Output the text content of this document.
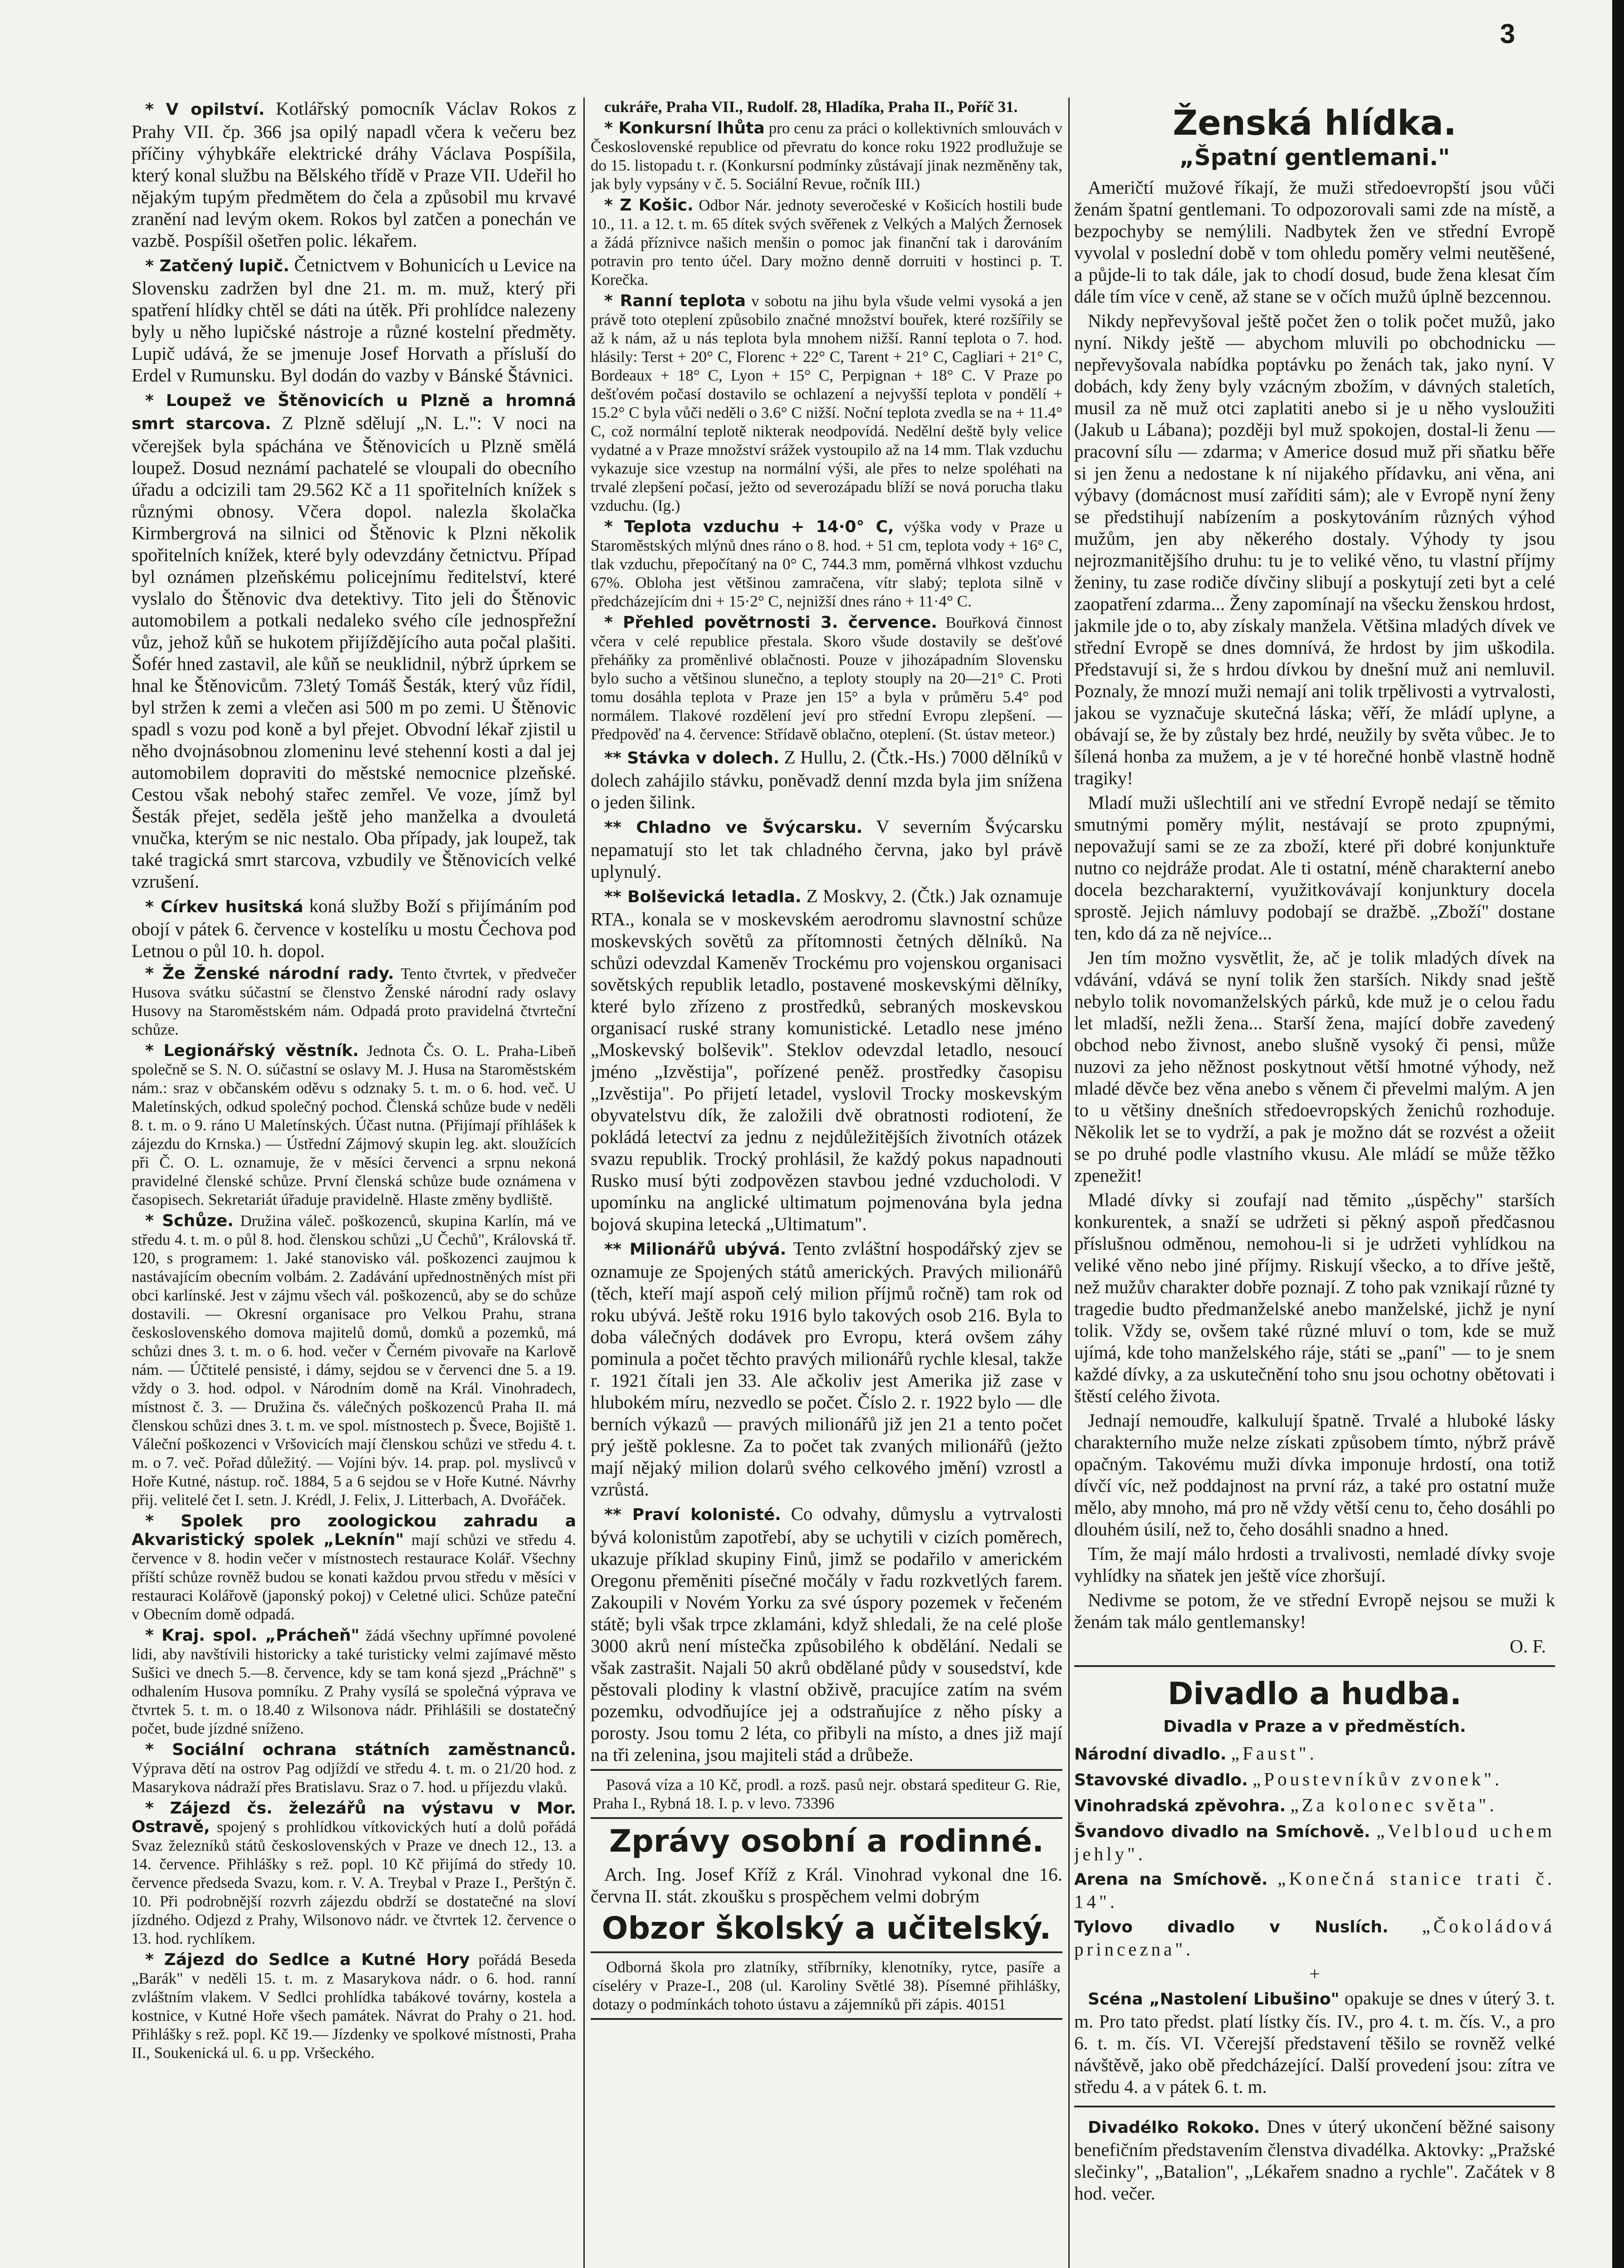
3

* V opilství. Kotlářský pomocník Václav Rokos z Prahy VII. čp. 366 jsa opilý napadl včera k večeru bez příčiny výhybkáře elektrické dráhy Václava Pospíšila, který konal službu na Bělského třídě v Praze VII. Udeřil ho nějakým tupým předmětem do čela a způsobil mu krvavé zranění nad levým okem. Rokos byl zatčen a ponechán ve vazbě. Pospíšil ošetřen polic. lékařem.

* Zatčený lupič. Četnictvem v Bohunicích u Levice na Slovensku zadržen byl dne 21. m. m. muž, který při spatření hlídky chtěl se dáti na útěk. Při prohlídce nalezeny byly u něho lupičské nástroje a různé kostelní předměty. Lupič udává, že se jmenuje Josef Horvath a přísluší do Erdel v Rumunsku. Byl dodán do vazby v Bánské Štávnici.

* Loupež ve Štěnovicích u Plzně a hromná smrt starcova. Z Plzně sdělují „N. L.": V noci na včerejšek byla spáchána ve Štěnovicích u Plzně smělá loupež. Dosud neznámí pachatelé se vloupali do obecního úřadu a odcizili tam 29.562 Kč a 11 spořitelních knížek s různými obnosy. Včera dopol. nalezla školačka Kirmbergrová na silnici od Štěnovic k Plzni několik spořitelních knížek, které byly odevzdány četnictvu. Případ byl oznámen plzeňskému policejnímu ředitelství, které vyslalo do Štěnovic dva detektivy. Tito jeli do Štěnovic automobilem a potkali nedaleko svého cíle jednospřežní vůz, jehož kůň se hukotem přijíždějícího auta počal plašiti. Šofér hned zastavil, ale kůň se neuklidnil, nýbrž úprkem se hnal ke Štěnovicům. 73letý Tomáš Šesták, který vůz řídil, byl stržen k zemi a vlečen asi 500 m po zemi. U Štěnovic spadl s vozu pod koně a byl přejet. Obvodní lékař zjistil u něho dvojnásobnou zlomeninu levé stehenní kosti a dal jej automobilem dopraviti do městské nemocnice plzeňské. Cestou však nebohý stařec zemřel. Ve voze, jímž byl Šesták přejet, seděla ještě jeho manželka a dvouletá vnučka, kterým se nic nestalo. Oba případy, jak loupež, tak také tragická smrt starcova, vzbudily ve Štěnovicích velké vzrušení.

* Církev husitská koná služby Boží s přijímáním pod obojí v pátek 6. července v kostelíku u mostu Čechova pod Letnou o půl 10. h. dopol.

* Že Ženské národní rady. Tento čtvrtek, v předvečer Husova svátku súčastní se členstvo Ženské národní rady oslavy Husovy na Staroměstském nám. Odpadá proto pravidelná čtvrteční schůze.

* Legionářský věstník. Jednota Čs. O. L. Praha-Libeň společně se S. N. O. súčastní se oslavy M. J. Husa na Staroměstském nám.: sraz v občanském oděvu s odznaky 5. t. m. o 6. hod. več. U Maletínských, odkud společný pochod. Členská schůze bude v neděli 8. t. m. o 9. ráno U Maletínských. Účast nutna. (Přijímají příhlášek k zájezdu do Krnska.) — Ústřední Zájmový skupin leg. akt. sloužících při Č. O. L. oznamuje, že v měsíci červenci a srpnu nekoná pravidelné členské schůze. První členská schůze bude oznámena v časopisech. Sekretariát úřaduje pravidelně. Hlaste změny bydliště.

* Schůze. Družina váleč. poškozenců, skupina Karlín, má ve středu 4. t. m. o půl 8. hod. členskou schůzi „U Čechů", Královská tř. 120, s programem: 1. Jaké stanovisko vál. poškozenci zaujmou k nastávajícím obecním volbám. 2. Zadávání upřednostněných míst při obci karlínské. Jest v zájmu všech vál. poškozenců, aby se do schůze dostavili. — Okresní organisace pro Velkou Prahu, strana československého domova majitelů domů, domků a pozemků, má schůzi dnes 3. t. m. o 6. hod. večer v Černém pivovaře na Karlově nám. — Účtitelé pensisté, i dámy, sejdou se v červenci dne 5. a 19. vždy o 3. hod. odpol. v Národním domě na Král. Vinohradech, místnost č. 3. — Družina čs. válečných poškozenců Praha II. má členskou schůzi dnes 3. t. m. ve spol. místnostech p. Švece, Bojiště 1. Váleční poškozenci v Vršovicích mají členskou schůzi ve středu 4. t. m. o 7. več. Pořad důležitý. — Vojíni býv. 14. prap. pol. myslivců v Hoře Kutné, nástup. roč. 1884, 5 a 6 sejdou se v Hoře Kutné. Návrhy přij. velitelé čet I. setn. J. Krédl, J. Felix, J. Litterbach, A. Dvořáček.

* Spolek pro zoologickou zahradu a Akvaristický spolek „Leknín" mají schůzi ve středu 4. července v 8. hodin večer v místnostech restaurace Kolář. Všechny příští schůze rovněž budou se konati každou prvou středu v měsíci v restauraci Kolářově (japonský pokoj) v Celetné ulici. Schůze pateční v Obecním domě odpadá.

* Kraj. spol. „Prácheň" žádá všechny upřímné povolené lidi, aby navštívili historicky a také turisticky velmi zajímavé město Sušici ve dnech 5.—8. července, kdy se tam koná sjezd „Práchně" s odhalením Husova pomníku. Z Prahy vysílá se společná výprava ve čtvrtek 5. t. m. o 18.40 z Wilsonova nádr. Přihlášili se dostatečný počet, bude jízdné sníženo.

* Sociální ochrana státních zaměstnanců. Výprava dětí na ostrov Pag odjíždí ve středu 4. t. m. o 21/20 hod. z Masarykova nádraží přes Bratislavu. Sraz o 7. hod. u příjezdu vlaků.

* Zájezd čs. železářů na výstavu v Mor. Ostravě, spojený s prohlídkou vítkovických hutí a dolů pořádá Svaz železníků států československých v Praze ve dnech 12., 13. a 14. července. Přihlášky s rež. popl. 10 Kč přijímá do středy 10. července předseda Svazu, kom. r. V. A. Treybal v Praze I., Perštýn č. 10. Při podrobnější rozvrh zájezdu obdrží se dostatečné na sloví jízdného. Odjezd z Prahy, Wilsonovo nádr. ve čtvrtek 12. července o 13. hod. rychlíkem.

* Zájezd do Sedlce a Kutné Hory pořádá Beseda „Barák" v neděli 15. t. m. z Masarykova nádr. o 6. hod. ranní zvláštním vlakem. V Sedlci prohlídka tabákové továrny, kostela a kostnice, v Kutné Hoře všech památek. Návrat do Prahy o 21. hod. Přihlášky s rež. popl. Kč 19.— Jízdenky ve spolkové místnosti, Praha II., Soukenická ul. 6. u pp. Vršeckého.

cukráře, Praha VII., Rudolf. 28, Hladíka, Praha II., Poříč 31.

* Konkursní lhůta pro cenu za práci o kollektivních smlouvách v Československé republice od převratu do konce roku 1922 prodlužuje se do 15. listopadu t. r. (Konkursní podmínky zůstávají jinak nezměněny tak, jak byly vypsány v č. 5. Sociální Revue, ročník III.)

* Z Košic. Odbor Nár. jednoty severočeské v Košicích hostili bude 10., 11. a 12. t. m. 65 dítek svých svěřenek z Velkých a Malých Žernosek a žádá příznivce našich menšin o pomoc jak finanční tak i darováním potravin pro tento účel. Dary možno denně dorruiti v hostinci p. T. Korečka.

* Ranní teplota v sobotu na jihu byla všude velmi vysoká a jen právě toto oteplení způsobilo značné množství bouřek, které rozšířily se až k nám, až u nás teplota byla mnohem nižší. Ranní teplota o 7. hod. hlásily: Terst + 20° C, Florenc + 22° C, Tarent + 21° C, Cagliari + 21° C, Bordeaux + 18° C, Lyon + 15° C, Perpignan + 18° C. V Praze po dešťovém počasí dostavilo se ochlazení a nejvyšší teplota v pondělí + 15.2° C byla vůči neděli o 3.6° C nižší. Noční teplota zvedla se na + 11.4° C, což normální teplotě nikterak neodpovídá. Nedělní deště byly velice vydatné a v Praze množství srážek vystoupilo až na 14 mm. Tlak vzduchu vykazuje sice vzestup na normální výši, ale přes to nelze spoléhati na trvalé zlepšení počasí, ježto od severozápadu blíží se nová porucha tlaku vzduchu. (Ig.)

* Teplota vzduchu + 14·0° C, výška vody v Praze u Staroměstských mlýnů dnes ráno o 8. hod. + 51 cm, teplota vody + 16° C, tlak vzduchu, přepočítaný na 0° C, 744.3 mm, poměrná vlhkost vzduchu 67%. Obloha jest většinou zamračena, vítr slabý; teplota silně v předcházejícím dni + 15·2° C, nejnižší dnes ráno + 11·4° C.

* Přehled povětrnosti 3. července. Bouřková činnost včera v celé republice přestala. Skoro všude dostavily se dešťové přeháňky za proměnlivé oblačnosti. Pouze v jihozápadním Slovensku bylo sucho a většinou slunečno, a teploty stouply na 20—21° C. Proti tomu dosáhla teplota v Praze jen 15° a byla v průměru 5.4° pod normálem. Tlakové rozdělení jeví pro střední Evropu zlepšení. — Předpověď na 4. července: Střídavě oblačno, oteplení. (St. ústav meteor.)

** Stávka v dolech. Z Hullu, 2. (Čtk.-Hs.) 7000 dělníků v dolech zahájilo stávku, poněvadž denní mzda byla jim snížena o jeden šilink.

** Chladno ve Švýcarsku. V severním Švýcarsku nepamatují sto let tak chladného června, jako byl právě uplynulý.

** Bolševická letadla. Z Moskvy, 2. (Čtk.) Jak oznamuje RTA., konala se v moskevském aerodromu slavnostní schůze moskevských sovětů za přítomnosti četných dělníků. Na schůzi odevzdal Kameněv Trockému pro vojenskou organisaci sovětských republik letadlo, postavené moskevskými dělníky, které bylo zřízeno z prostředků, sebraných moskevskou organisací ruské strany komunistické. Letadlo nese jméno „Moskevský bolševik". Steklov odevzdal letadlo, nesoucí jméno „Izvěstija", pořízené peněž. prostředky časopisu „Izvěstija". Po přijetí letadel, vyslovil Trocky moskevským obyvatelstvu dík, že založili dvě obratnosti rodiotení, že pokládá letectví za jednu z nejdůležitějších životních otázek svazu republik. Trocký prohlásil, že každý pokus napadnouti Rusko musí býti zodpovězen stavbou jedné vzducholodi. V upomínku na anglické ultimatum pojmenována byla jedna bojová skupina letecká „Ultimatum".

** Milionářů ubývá. Tento zvláštní hospodářský zjev se oznamuje ze Spojených států amerických. Pravých milionářů (těch, kteří mají aspoň celý milion příjmů ročně) tam rok od roku ubývá. Ještě roku 1916 bylo takových osob 216. Byla to doba válečných dodávek pro Evropu, která ovšem záhy pominula a počet těchto pravých milionářů rychle klesal, takže r. 1921 čítali jen 33. Ale ačkoliv jest Amerika již zase v hlubokém míru, nezvedlo se počet. Číslo 2. r. 1922 bylo — dle berních výkazů — pravých milionářů již jen 21 a tento počet prý ještě poklesne. Za to počet tak zvaných milionářů (ježto mají nějaký milion dolarů svého celkového jmění) vzrostl a vzrůstá.

** Praví kolonisté. Co odvahy, důmyslu a vytrvalosti bývá kolonistům zapotřebí, aby se uchytili v cizích poměrech, ukazuje příklad skupiny Finů, jimž se podařilo v americkém Oregonu přeměniti písečné močály v řadu rozkvetlých farem. Zakoupili v Novém Yorku za své úspory pozemek v řečeném státě; byli však trpce zklamáni, když shledali, že na celé ploše 3000 akrů není místečka způsobilého k obdělání. Nedali se však zastrašit. Najali 50 akrů obdělané půdy v sousedství, kde pěstovali plodiny k vlastní obživě, pracujíce zatím na svém pozemku, odvodňujíce jej a odstraňujíce z něho písky a porosty. Jsou tomu 2 léta, co přibyli na místo, a dnes již mají na tři zelenina, jsou majiteli stád a drůbeže.

Pasová víza a 10 Kč, prodl. a rozš. pasů nejr. obstará spediteur G. Rie, Praha I., Rybná 18. I. p. v levo. 73396

Zprávy osobní a rodinné.

Arch. Ing. Josef Kříž z Král. Vinohrad vykonal dne 16. června II. stát. zkoušku s prospěchem velmi dobrým

Obzor školský a učitelský.

Odborná škola pro zlatníky, stříbrníky, klenotníky, rytce, pasíře a císeléry v Praze-I., 208 (ul. Karoliny Světlé 38). Písemné přihlášky, dotazy o podmínkách tohoto ústavu a zájemníků při zápis. 40151

Ženská hlídka.
„Špatní gentlemani."

Američtí mužové říkají, že muži středoevropští jsou vůči ženám špatní gentlemani. To odpozorovali sami zde na místě, a bezpochyby se nemýlili. Nadbytek žen ve střední Evropě vyvolal v poslední době v tom ohledu poměry velmi neutěšené, a půjde-li to tak dále, jak to chodí dosud, bude žena klesat čím dále tím více v ceně, až stane se v očích mužů úplně bezcennou.

Nikdy nepřevyšoval ještě počet žen o tolik počet mužů, jako nyní. Nikdy ještě — abychom mluvili po obchodnicku — nepřevyšovala nabídka poptávku po ženách tak, jako nyní. V dobách, kdy ženy byly vzácným zbožím, v dávných staletích, musil za ně muž otci zaplatiti anebo si je u něho vysloužiti (Jakub u Lábana); později byl muž spokojen, dostal-li ženu — pracovní sílu — zdarma; v Americe dosud muž při sňatku běře si jen ženu a nedostane k ní nijakého přídavku, ani věna, ani výbavy (domácnost musí zaříditi sám); ale v Evropě nyní ženy se předstihují nabízením a poskytováním různých výhod mužům, jen aby někerého dostaly. Výhody ty jsou nejrozmanitějšího druhu: tu je to veliké věno, tu vlastní příjmy ženiny, tu zase rodiče dívčiny slibují a poskytují zeti byt a celé zaopatření zdarma... Ženy zapomínají na všecku ženskou hrdost, jakmile jde o to, aby získaly manžela. Většina mladých dívek ve střední Evropě se dnes domnívá, že hrdost by jim uškodila. Představují si, že s hrdou dívkou by dnešní muž ani nemluvil. Poznaly, že mnozí muži nemají ani tolik trpělivosti a vytrvalosti, jakou se vyznačuje skutečná láska; věří, že mládí uplyne, a obávají se, že by zůstaly bez hrdé, neužily by světa vůbec. Je to šílená honba za mužem, a je v té horečné honbě vlastně hodně tragiky!

Mladí muži ušlechtilí ani ve střední Evropě nedají se těmito smutnými poměry mýlit, nestávají se proto zpupnými, nepovažují sami se ze za zboží, které při dobré konjunktuře nutno co nejdráže prodat. Ale ti ostatní, méně charakterní anebo docela bezcharakterní, využitkovávají konjunktury docela sprostě. Jejich námluvy podobají se dražbě. „Zboží" dostane ten, kdo dá za ně nejvíce...

Jen tím možno vysvětlit, že, ač je tolik mladých dívek na vdávání, vdává se nyní tolik žen starších. Nikdy snad ještě nebylo tolik novomanželských párků, kde muž je o celou řadu let mladší, nežli žena... Starší žena, mající dobře zavedený obchod nebo živnost, anebo slušně vysoký či pensi, může nuzovi za jeho něžnost poskytnout větší hmotné výhody, než mladé děvče bez věna anebo s věnem či převelmi malým. A jen to u většiny dnešních středoevropských ženichů rozhoduje. Několik let se to vydrží, a pak je možno dát se rozvést a ožeiit se po druhé podle vlastního vkusu. Ale mládí se může těžko zpenežit!

Mladé dívky si zoufají nad těmito „úspěchy" starších konkurentek, a snaží se udržeti si pěkný aspoň předčasnou příslušnou odměnou, nemohou-li si je udržeti vyhlídkou na veliké věno nebo jiné příjmy. Riskují všecko, a to dříve ještě, než mužův charakter dobře poznají. Z toho pak vznikají různé ty tragedie budto předmanželské anebo manželské, jichž je nyní tolik. Vždy se, ovšem také různé mluví o tom, kde se muž ujímá, kde toho manželského ráje, státi se „paní" — to je snem každé dívky, a za uskutečnění toho snu jsou ochotny obětovati i štěstí celého života.

Jednají nemoudře, kalkulují špatně. Trvalé a hluboké lásky charakterního muže nelze získati způsobem tímto, nýbrž právě opačným. Takovému muži dívka imponuje hrdostí, ona totiž dívčí víc, než poddajnost na první ráz, a také pro ostatní muže mělo, aby mnoho, má pro ně vždy větší cenu to, čeho dosáhli po dlouhém úsilí, než to, čeho dosáhli snadno a hned.

Tím, že mají málo hrdosti a trvalivosti, nemladé dívky svoje vyhlídky na sňatek jen ještě více zhoršují.

Nedivme se potom, že ve střední Evropě nejsou se muži k ženám tak málo gentlemansky!

O. F.

Divadlo a hudba.
Divadla v Praze a v předměstích.

Národní divadlo. „Faust".

Stavovské divadlo. „Poustevníkův zvonek".

Vinohradská zpěvohra. „Za kolonec světa".

Švandovo divadlo na Smíchově. „Velbloud uchem jehly".

Arena na Smíchově. „Konečná stanice trati č. 14".

Tylovo divadlo v Nuslích. „Čokoládová princezna".

+

Scéna „Nastolení Libušino" opakuje se dnes v úterý 3. t. m. Pro tato předst. platí lístky čís. IV., pro 4. t. m. čís. V., a pro 6. t. m. čís. VI. Včerejší představení těšilo se rovněž velké návštěvě, jako obě předcházející. Další provedení jsou: zítra ve středu 4. a v pátek 6. t. m.

Divadélko Rokoko. Dnes v úterý ukončení běžné saisony benefičním představením členstva divadélka. Aktovky: „Pražské slečinky", „Batalion", „Lékařem snadno a rychle". Začátek v 8 hod. večer.
